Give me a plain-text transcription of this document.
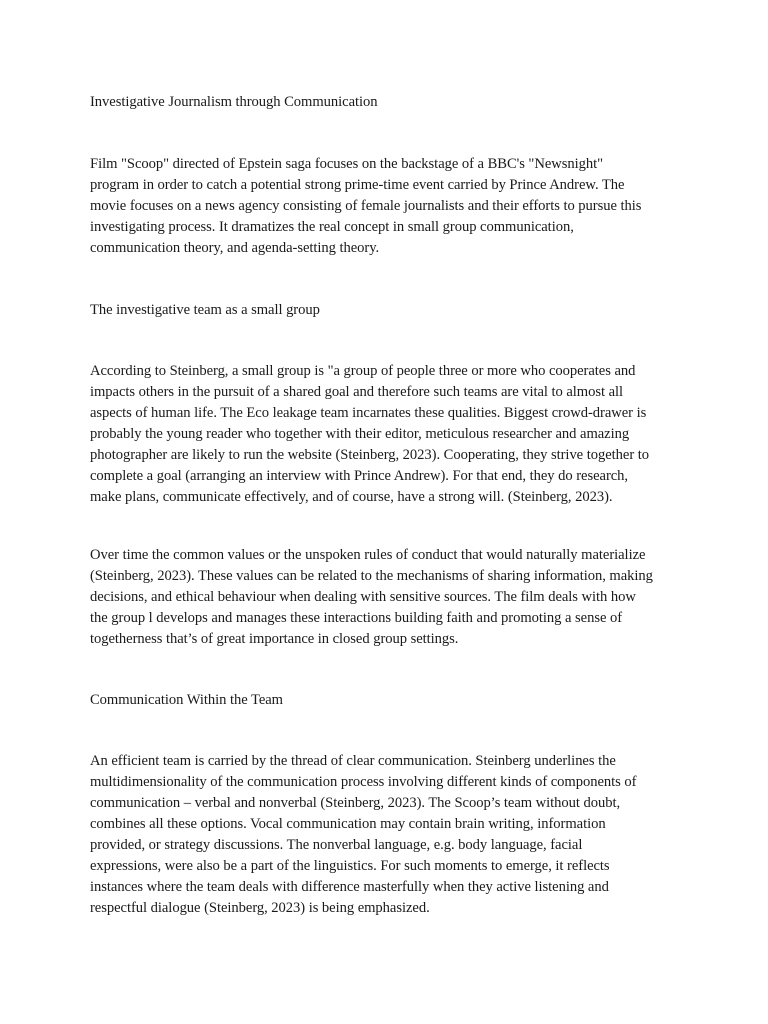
Investigative Journalism through Communication
Film "Scoop" directed of Epstein saga focuses on the backstage of a BBC's "Newsnight"
program in order to catch a potential strong prime-time event carried by Prince Andrew. The
movie focuses on a news agency consisting of female journalists and their efforts to pursue this
investigating process. It dramatizes the real concept in small group communication,
communication theory, and agenda-setting theory.
The investigative team as a small group
According to Steinberg, a small group is "a group of people three or more who cooperates and
impacts others in the pursuit of a shared goal and therefore such teams are vital to almost all
aspects of human life. The Eco leakage team incarnates these qualities. Biggest crowd-drawer is
probably the young reader who together with their editor, meticulous researcher and amazing
photographer are likely to run the website (Steinberg, 2023). Cooperating, they strive together to
complete a goal (arranging an interview with Prince Andrew). For that end, they do research,
make plans, communicate effectively, and of course, have a strong will. (Steinberg, 2023).
Over time the common values or the unspoken rules of conduct that would naturally materialize
(Steinberg, 2023). These values can be related to the mechanisms of sharing information, making
decisions, and ethical behaviour when dealing with sensitive sources. The film deals with how
the group l develops and manages these interactions building faith and promoting a sense of
togetherness that’s of great importance in closed group settings.
Communication Within the Team
An efficient team is carried by the thread of clear communication. Steinberg underlines the
multidimensionality of the communication process involving different kinds of components of
communication – verbal and nonverbal (Steinberg, 2023). The Scoop’s team without doubt,
combines all these options. Vocal communication may contain brain writing, information
provided, or strategy discussions. The nonverbal language, e.g. body language, facial
expressions, were also be a part of the linguistics. For such moments to emerge, it reflects
instances where the team deals with difference masterfully when they active listening and
respectful dialogue (Steinberg, 2023) is being emphasized.
